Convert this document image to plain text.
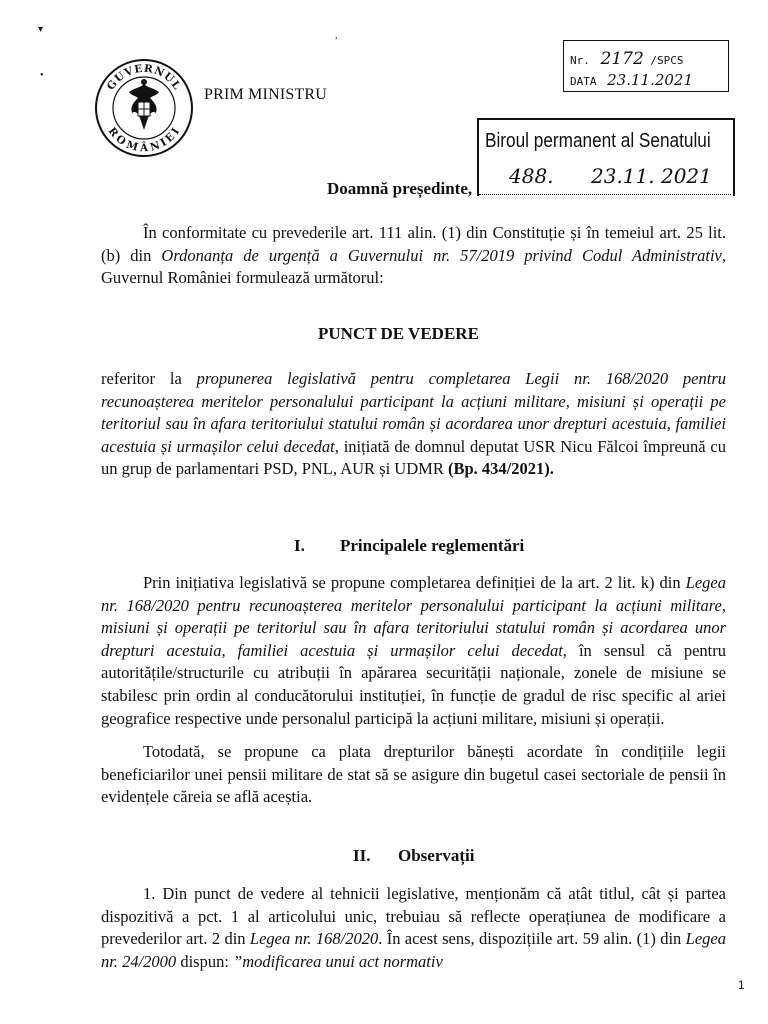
▾
•
,
GUVERNUL
ROMÂNIEI
PRIM MINISTRU
Nr. 2172 /SPCS
DATA 23.11.2021
Biroul permanent al Senatului
488. 23.11. 2021
Doamnă președinte,
În conformitate cu prevederile art. 111 alin. (1) din Constituție și în temeiul art. 25 lit. (b) din Ordonanța de urgență a Guvernului nr. 57/2019 privind Codul Administrativ, Guvernul României formulează următorul:
PUNCT DE VEDERE
referitor la propunerea legislativă pentru completarea Legii nr. 168/2020 pentru recunoașterea meritelor personalului participant la acțiuni militare, misiuni și operații pe teritoriul sau în afara teritoriului statului român și acordarea unor drepturi acestuia, familiei acestuia și urmașilor celui decedat, inițiată de domnul deputat USR Nicu Fălcoi împreună cu un grup de parlamentari PSD, PNL, AUR și UDMR (Bp. 434/2021).
I. Principalele reglementări
Prin inițiativa legislativă se propune completarea definiției de la art. 2 lit. k) din Legea nr. 168/2020 pentru recunoașterea meritelor personalului participant la acțiuni militare, misiuni și operații pe teritoriul sau în afara teritoriului statului român și acordarea unor drepturi acestuia, familiei acestuia și urmașilor celui decedat, în sensul că pentru autoritățile/structurile cu atribuții în apărarea securității naționale, zonele de misiune se stabilesc prin ordin al conducătorului instituției, în funcție de gradul de risc specific al ariei geografice respective unde personalul participă la acțiuni militare, misiuni și operații.
Totodată, se propune ca plata drepturilor bănești acordate în condițiile legii beneficiarilor unei pensii militare de stat să se asigure din bugetul casei sectoriale de pensii în evidențele căreia se află aceștia.
II. Observații
1. Din punct de vedere al tehnicii legislative, menționăm că atât titlul, cât și partea dispozitivă a pct. 1 al articolului unic, trebuiau să reflecte operațiunea de modificare a prevederilor art. 2 din Legea nr. 168/2020. În acest sens, dispozițiile art. 59 alin. (1) din Legea nr. 24/2000 dispun: ”modificarea unui act normativ
1
